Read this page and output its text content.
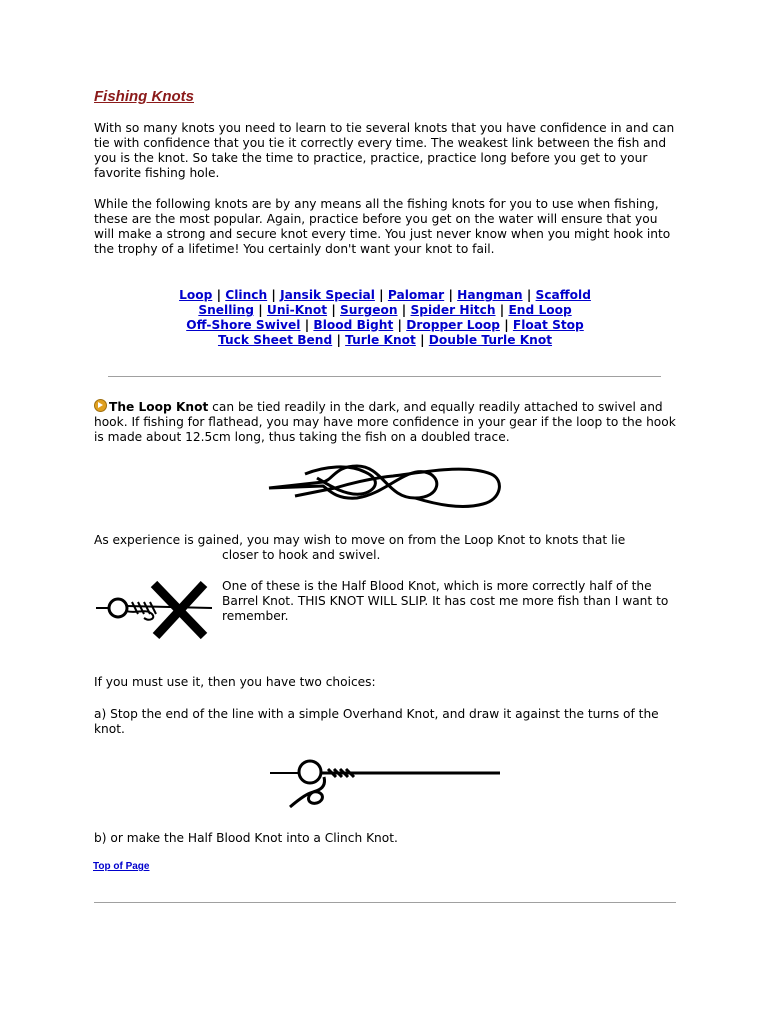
Fishing Knots

With so many knots you need to learn to tie several knots that you have confidence in and can tie with confidence that you tie it correctly every time. The weakest link between the fish and you is the knot. So take the time to practice, practice, practice long before you get to your favorite fishing hole.

While the following knots are by any means all the fishing knots for you to use when fishing, these are the most popular. Again, practice before you get on the water will ensure that you will make a strong and secure knot every time. You just never know when you might hook into the trophy of a lifetime! You certainly don't want your knot to fail.

Loop | Clinch | Jansik Special | Palomar | Hangman | Scaffold
Snelling | Uni-Knot | Surgeon | Spider Hitch | End Loop
Off-Shore Swivel | Blood Bight | Dropper Loop | Float Stop
Tuck Sheet Bend | Turle Knot | Double Turle Knot

The Loop Knot can be tied readily in the dark, and equally readily attached to swivel and hook. If fishing for flathead, you may have more confidence in your gear if the loop to the hook is made about 12.5cm long, thus taking the fish on a doubled trace.

As experience is gained, you may wish to move on from the Loop Knot to knots that lie

closer to hook and swivel.

One of these is the Half Blood Knot, which is more correctly half of the Barrel Knot. THIS KNOT WILL SLIP. It has cost me more fish than I want to remember.

If you must use it, then you have two choices:

a) Stop the end of the line with a simple Overhand Knot, and draw it against the turns of the knot.

b) or make the Half Blood Knot into a Clinch Knot.

Top of Page
